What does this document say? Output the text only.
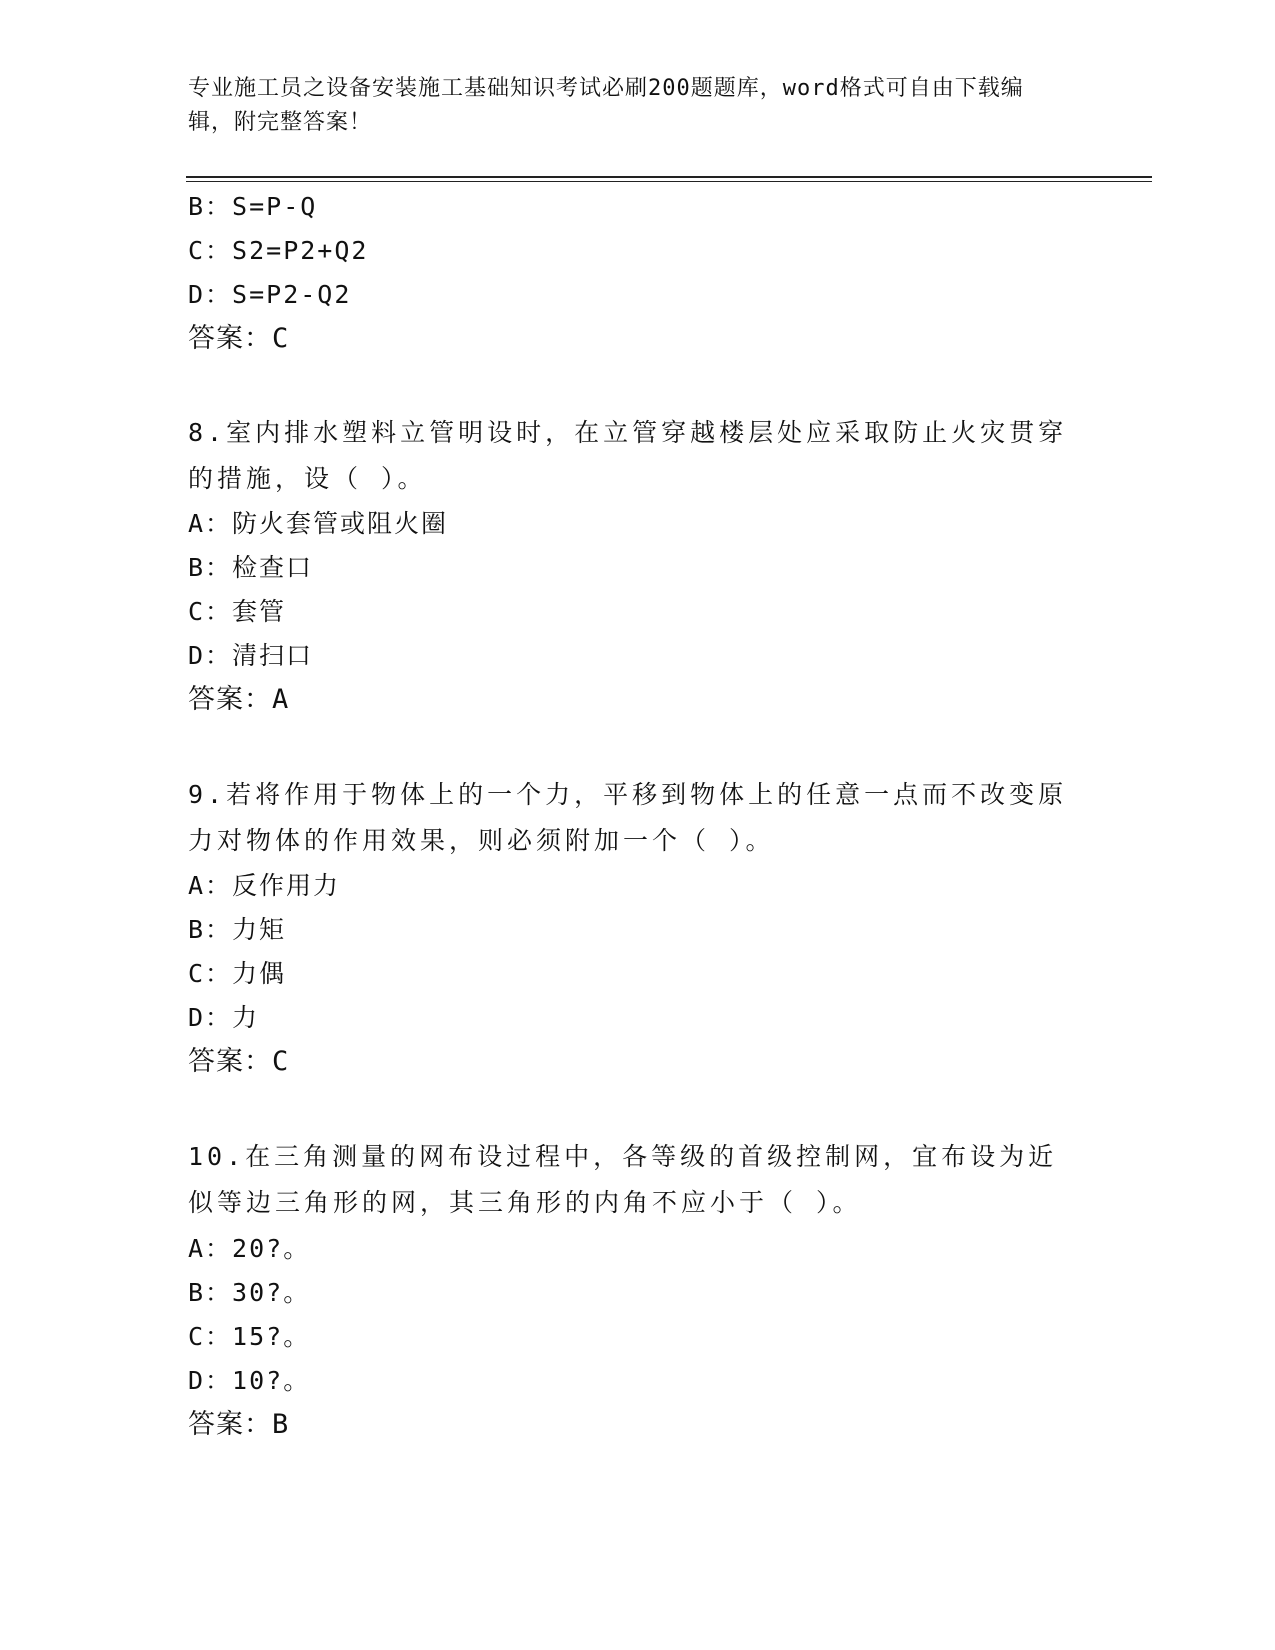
专业施工员之设备安装施工基础知识考试必刷200题题库，word格式可自由下载编辑，附完整答案！
B：S=P-Q
C：S2=P2+Q2
D：S=P2-Q2
答案：C
8.室内排水塑料立管明设时，在立管穿越楼层处应采取防止火灾贯穿的措施，设（ ）。
A：防火套管或阻火圈
B：检查口
C：套管
D：清扫口
答案：A
9.若将作用于物体上的一个力，平移到物体上的任意一点而不改变原力对物体的作用效果，则必须附加一个（ ）。
A：反作用力
B：力矩
C：力偶
D：力
答案：C
10.在三角测量的网布设过程中，各等级的首级控制网，宜布设为近似等边三角形的网，其三角形的内角不应小于（ ）。
A：20?。
B：30?。
C：15?。
D：10?。
答案：B
